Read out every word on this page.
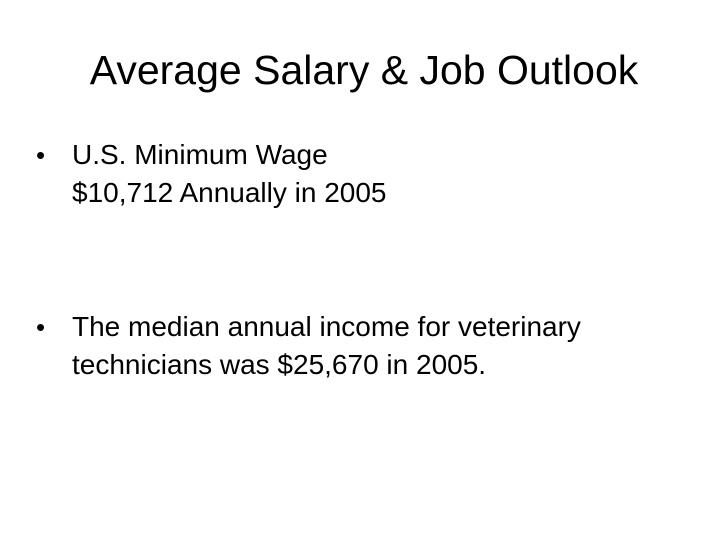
Average Salary & Job Outlook
• U.S. Minimum Wage
$10,712 Annually in 2005
• The median annual income for veterinary
technicians was $25,670 in 2005.
